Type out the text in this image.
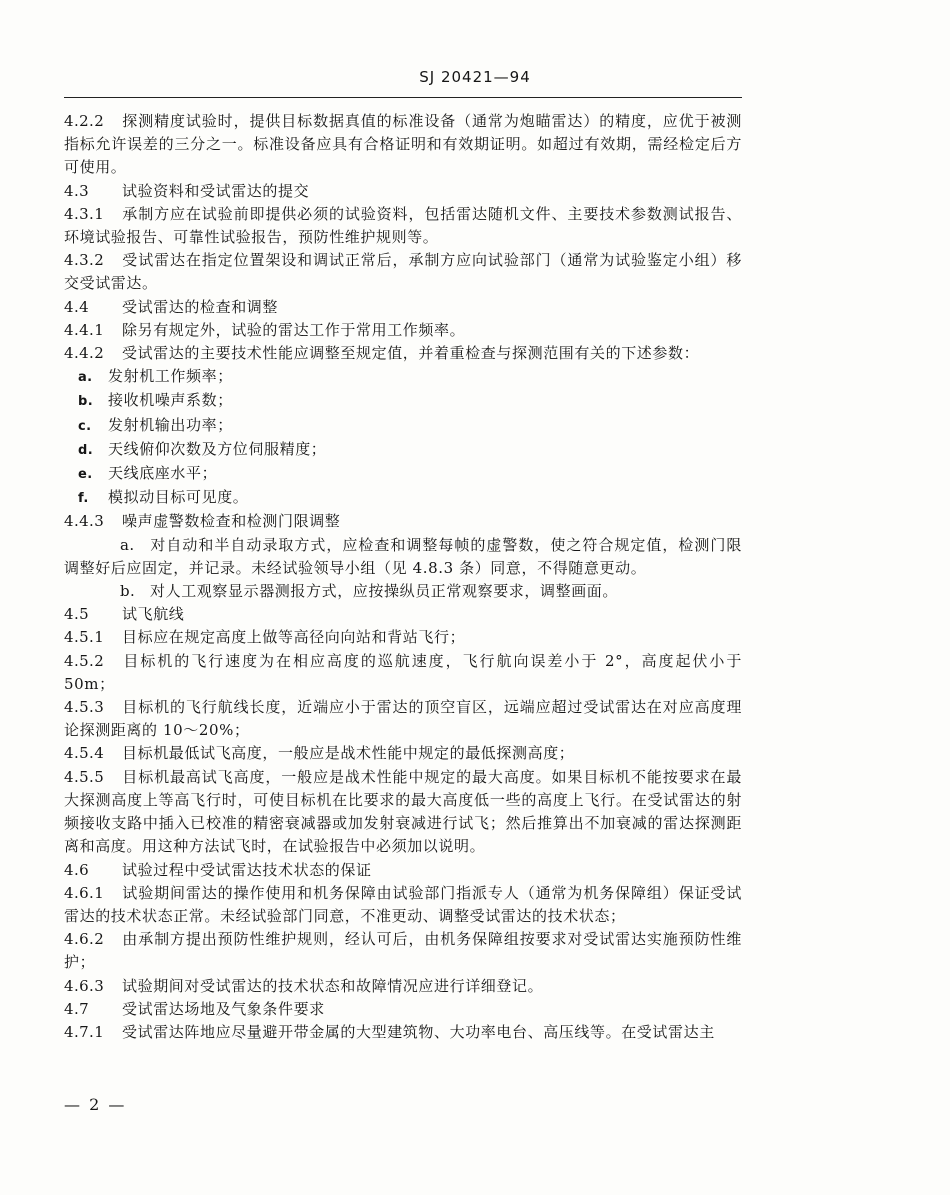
SJ 20421—94
4.2.2 探测精度试验时，提供目标数据真值的标准设备（通常为炮瞄雷达）的精度，应优于被测指标允许误差的三分之一。标准设备应具有合格证明和有效期证明。如超过有效期，需经检定后方可使用。
4.3 试验资料和受试雷达的提交
4.3.1 承制方应在试验前即提供必须的试验资料，包括雷达随机文件、主要技术参数测试报告、环境试验报告、可靠性试验报告，预防性维护规则等。
4.3.2 受试雷达在指定位置架设和调试正常后，承制方应向试验部门（通常为试验鉴定小组）移交受试雷达。
4.4 受试雷达的检查和调整
4.4.1 除另有规定外，试验的雷达工作于常用工作频率。
4.4.2 受试雷达的主要技术性能应调整至规定值，并着重检查与探测范围有关的下述参数：
a. 发射机工作频率；
b. 接收机噪声系数；
c. 发射机输出功率；
d. 天线俯仰次数及方位伺服精度；
e. 天线底座水平；
f. 模拟动目标可见度。
4.4.3 噪声虚警数检查和检测门限调整
a. 对自动和半自动录取方式，应检查和调整每帧的虚警数，使之符合规定值，检测门限调整好后应固定，并记录。未经试验领导小组（见 4.8.3 条）同意，不得随意更动。
b. 对人工观察显示器测报方式，应按操纵员正常观察要求，调整画面。
4.5 试飞航线
4.5.1 目标应在规定高度上做等高径向向站和背站飞行；
4.5.2 目标机的飞行速度为在相应高度的巡航速度，飞行航向误差小于 2°，高度起伏小于50m；
4.5.3 目标机的飞行航线长度，近端应小于雷达的顶空盲区，远端应超过受试雷达在对应高度理论探测距离的 10～20%；
4.5.4 目标机最低试飞高度，一般应是战术性能中规定的最低探测高度；
4.5.5 目标机最高试飞高度，一般应是战术性能中规定的最大高度。如果目标机不能按要求在最大探测高度上等高飞行时，可使目标机在比要求的最大高度低一些的高度上飞行。在受试雷达的射频接收支路中插入已校准的精密衰减器或加发射衰减进行试飞；然后推算出不加衰减的雷达探测距离和高度。用这种方法试飞时，在试验报告中必须加以说明。
4.6 试验过程中受试雷达技术状态的保证
4.6.1 试验期间雷达的操作使用和机务保障由试验部门指派专人（通常为机务保障组）保证受试雷达的技术状态正常。未经试验部门同意，不准更动、调整受试雷达的技术状态；
4.6.2 由承制方提出预防性维护规则，经认可后，由机务保障组按要求对受试雷达实施预防性维护；
4.6.3 试验期间对受试雷达的技术状态和故障情况应进行详细登记。
4.7 受试雷达场地及气象条件要求
4.7.1 受试雷达阵地应尽量避开带金属的大型建筑物、大功率电台、高压线等。在受试雷达主
— 2 —
